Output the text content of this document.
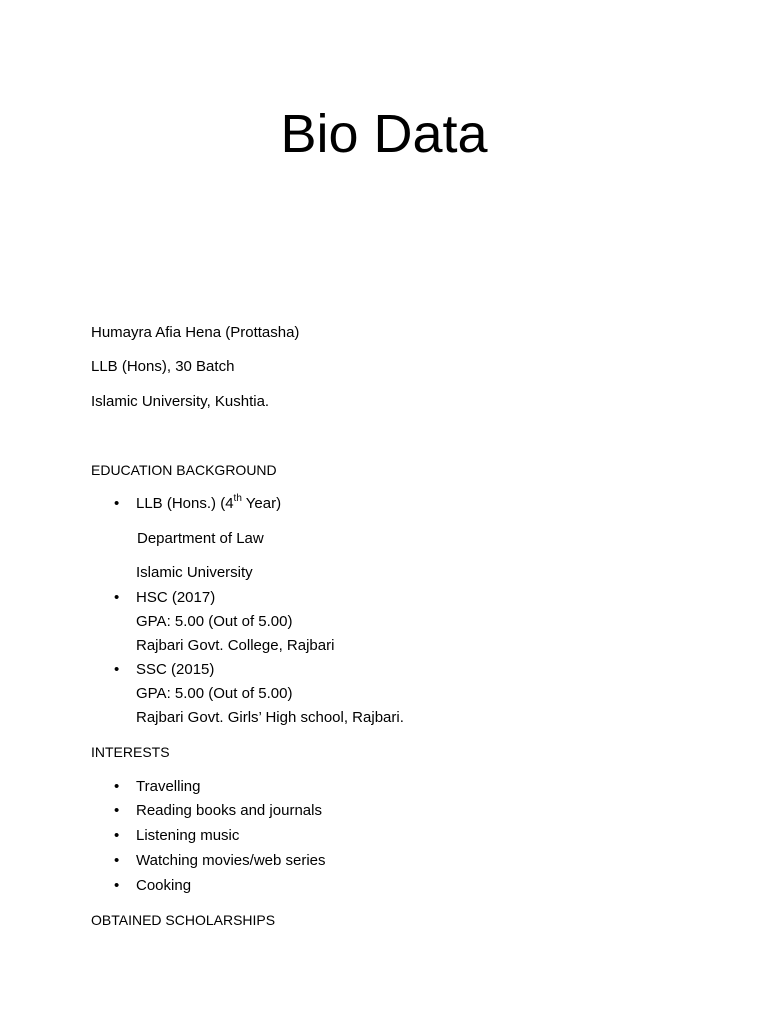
Bio Data
Humayra Afia Hena (Prottasha)
LLB (Hons), 30 Batch
Islamic University, Kushtia.
EDUCATION BACKGROUND
• LLB (Hons.) (4th Year)
Department of Law
Islamic University
• HSC (2017)
GPA: 5.00 (Out of 5.00)
Rajbari Govt. College, Rajbari
• SSC (2015)
GPA: 5.00 (Out of 5.00)
Rajbari Govt. Girls’ High school, Rajbari.
INTERESTS
• Travelling
• Reading books and journals
• Listening music
• Watching movies/web series
• Cooking
OBTAINED SCHOLARSHIPS
